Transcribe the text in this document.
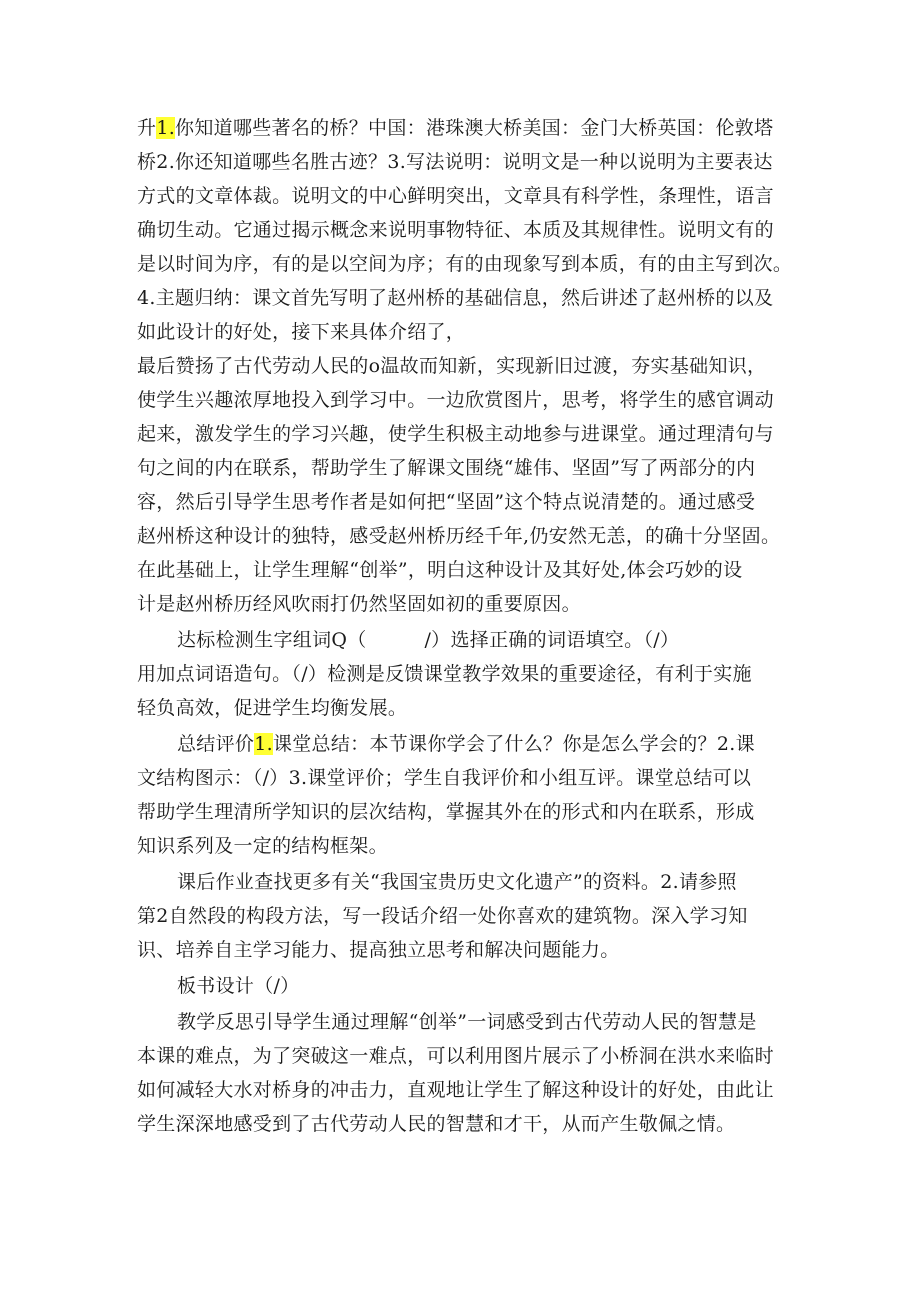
升1.你知道哪些著名的桥？中国：港珠澳大桥美国：金门大桥英国：伦敦塔
桥2.你还知道哪些名胜古迹？3.写法说明：说明文是一种以说明为主要表达
方式的文章体裁。说明文的中心鲜明突出，文章具有科学性，条理性，语言
确切生动。它通过揭示概念来说明事物特征、本质及其规律性。说明文有的
是以时间为序，有的是以空间为序；有的由现象写到本质，有的由主写到次。
4.主题归纳：课文首先写明了赵州桥的基础信息，然后讲述了赵州桥的以及
如此设计的好处，接下来具体介绍了，
最后赞扬了古代劳动人民的o温故而知新，实现新旧过渡，夯实基础知识，
使学生兴趣浓厚地投入到学习中。一边欣赏图片，思考，将学生的感官调动
起来，激发学生的学习兴趣，使学生积极主动地参与进课堂。通过理清句与
句之间的内在联系，帮助学生了解课文围绕“雄伟、坚固”写了两部分的内
容，然后引导学生思考作者是如何把“坚固”这个特点说清楚的。通过感受
赵州桥这种设计的独特，感受赵州桥历经千年,仍安然无恙，的确十分坚固。
在此基础上，让学生理解“创举”，明白这种设计及其好处,体会巧妙的设
计是赵州桥历经风吹雨打仍然坚固如初的重要原因。
达标检测生字组词Q（　　　/）选择正确的词语填空。（/）
用加点词语造句。（/）检测是反馈课堂教学效果的重要途径，有利于实施
轻负高效，促进学生均衡发展。
总结评价1.课堂总结：本节课你学会了什么？你是怎么学会的？2.课
文结构图示：（/）3.课堂评价；学生自我评价和小组互评。课堂总结可以
帮助学生理清所学知识的层次结构，掌握其外在的形式和内在联系，形成
知识系列及一定的结构框架。
课后作业查找更多有关“我国宝贵历史文化遗产”的资料。2.请参照
第2自然段的构段方法，写一段话介绍一处你喜欢的建筑物。深入学习知
识、培养自主学习能力、提高独立思考和解决问题能力。
板书设计（/）
教学反思引导学生通过理解“创举”一词感受到古代劳动人民的智慧是
本课的难点，为了突破这一难点，可以利用图片展示了小桥洞在洪水来临时
如何减轻大水对桥身的冲击力，直观地让学生了解这种设计的好处，由此让
学生深深地感受到了古代劳动人民的智慧和才干，从而产生敬佩之情。
